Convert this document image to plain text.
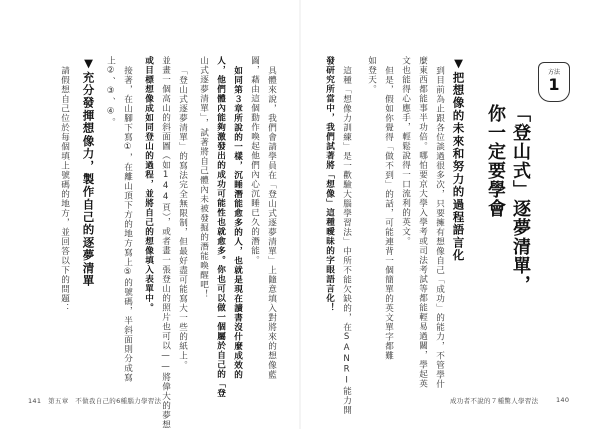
方法
1
「登山式」逐夢清單，
你一定要學會
▼把想像的未來和努力的過程語言化
到目前為止跟各位談過很多次，只要擁有想像自己「成功」的能力，不管學什
麼東西都能事半功倍。哪怕要京大學入學考或司法考試等都能輕易過關，學起英
文也能得心應手，輕鬆說得一口流利的英文。
但是，假如你覺得「做不到」的話，可能連背一個簡單的英文單字都難
如登天。
這種「想像力訓練」是一歡驗大腦學習法」中所不能欠缺的，在SANRI能力開
發研究所當中，我們試著將「想像」這種曖昧的字眼語言化！
成功者不說的７種驚人學習法	140
具體來說，我們會請學員在「登山式逐夢清單」上隨意填入對將來的想像藍
圖，藉由這個動作喚起他們內心沉睡已久的潛能。
如同第３章所說的一樣，沉睡潛能愈多的人，也就是現在讀書沒什麼成效的
人，他們體內能夠激發出的成功可能性也就愈多。你也可以做一個屬於自己的「登
山式逐夢清單」，試著將自己體內未被發掘的潛能喚醒吧！
「登山式逐夢清單」的寫法完全無限制，但最好盡可能寫大一些的紙上。
並畫一個高山的斜面圖（如144頁），或者畫一張登山的照片也可以——將偉大的夢想
或目標想像成如同登山的過程，並將自己的想像填入表單中。
接著，在山腳下寫①，在離山頂下方的地方寫上⑤的號碼，半斜面則分成寫
上②、③、④。
▼充分發揮想像力，製作自己的逐夢清單
請假想自己位於每個填上號碼的地方，並回答以下的問題：
141　第五章　不做我自己的6種腦力學習法
